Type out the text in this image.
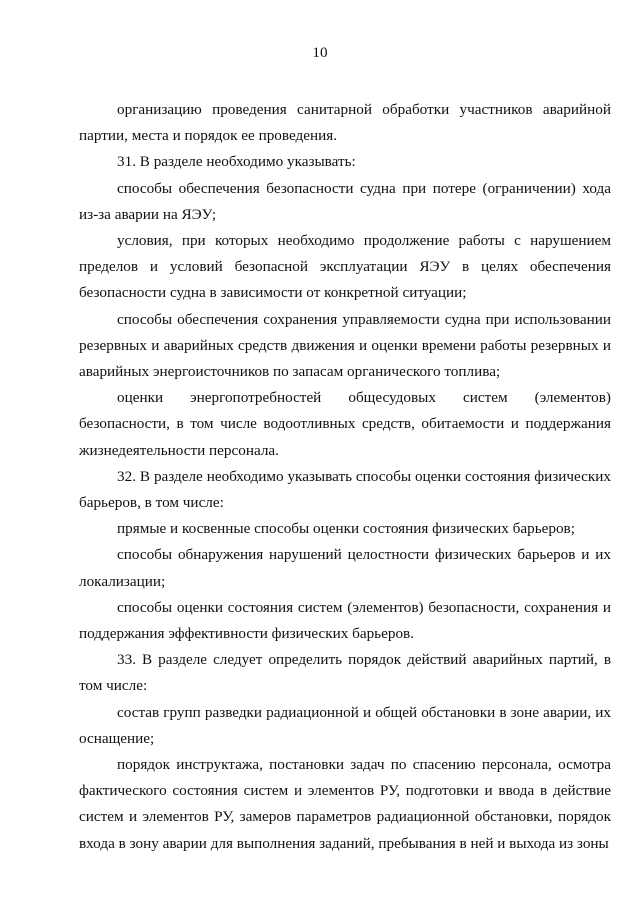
10

организацию проведения санитарной обработки участников аварийной партии, места и порядок ее проведения.

31. В разделе необходимо указывать:

способы обеспечения безопасности судна при потере (ограничении) хода из-за аварии на ЯЭУ;

условия, при которых необходимо продолжение работы с нарушением пределов и условий безопасной эксплуатации ЯЭУ в целях обеспечения безопасности судна в зависимости от конкретной ситуации;

способы обеспечения сохранения управляемости судна при использовании резервных и аварийных средств движения и оценки времени работы резервных и аварийных энергоисточников по запасам органического топлива;

оценки энергопотребностей общесудовых систем (элементов) безопасности, в том числе водоотливных средств, обитаемости и поддержания жизнедеятельности персонала.

32. В разделе необходимо указывать способы оценки состояния физических барьеров, в том числе:

прямые и косвенные способы оценки состояния физических барьеров;

способы обнаружения нарушений целостности физических барьеров и их локализации;

способы оценки состояния систем (элементов) безопасности, сохранения и поддержания эффективности физических барьеров.

33. В разделе следует определить порядок действий аварийных партий, в том числе:

состав групп разведки радиационной и общей обстановки в зоне аварии, их оснащение;

порядок инструктажа, постановки задач по спасению персонала, осмотра фактического состояния систем и элементов РУ, подготовки и ввода в действие систем и элементов РУ, замеров параметров радиационной обстановки, порядок входа в зону аварии для выполнения заданий, пребывания в ней и выхода из зоны
